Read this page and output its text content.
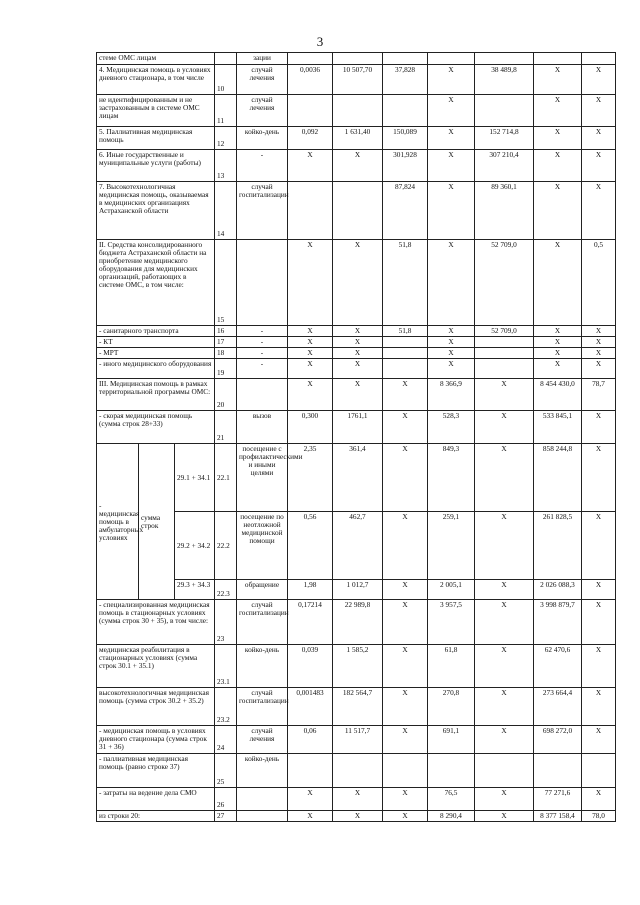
3
стеме ОМС лицам				зации							
4. Медицинская помощь в условиях дневного стационара, в том числе			10	случай лечения	0,0036	10 507,70	37,828	X	38 489,8	X	X
не идентифицированным и не застрахованным в системе ОМС лицам			11	случай лечения				X		X	X
5. Паллиативная медицинская помощь			12	койко-день	0,092	1 631,40	150,089	X	152 714,8	X	X
6. Иные государственные и муниципальные услуги (работы)			13	-	X	X	301,928	X	307 210,4	X	X
7. Высокотехнологичная медицинская помощь, оказываемая в медицинских организациях Астраханской области			14	случай госпитализации			87,824	X	89 360,1	X	X
II. Средства консолидированного бюджета Астраханской области на приобретение медицинского оборудования для медицинских организаций, работающих в системе ОМС, в том числе:			15		X	X	51,8	X	52 709,0	X	0,5
- санитарного транспорта			16	-	X	X	51,8	X	52 709,0	X	X
- КТ			17	-	X	X		X		X	X
- МРТ			18	-	X	X		X		X	X
- иного медицинского оборудования			19	-	X	X		X		X	X
III. Медицинская помощь в рамках территориальной программы ОМС:			20		X	X	X	8 366,9	X	8 454 430,0	78,7
- скорая медицинская помощь (сумма строк 28+33)			21	вызов	0,300	1761,1	X	528,3	X	533 845,1	X
- медицинская помощь в амбулаторных условиях	сумма строк	29.1 + 34.1	22.1	посещение с профилактическими и иными целями	2,35	361,4	X	849,3	X	858 244,8	X
		29.2 + 34.2	22.2	посещение по неотложной медицинской помощи	0,56	462,7	X	259,1	X	261 828,5	X
		29.3 + 34.3	22.3	обращение	1,98	1 012,7	X	2 005,1	X	2 026 088,3	X
- специализированная медицинская помощь в стационарных условиях (сумма строк 30 + 35), в том числе:			23	случай госпитализации	0,17214	22 989,8	X	3 957,5	X	3 998 879,7	X
медицинская реабилитация в стационарных условиях (сумма строк 30.1 + 35.1)			23.1	койко-день	0,039	1 585,2	X	61,8	X	62 470,6	X
высокотехнологичная медицинская помощь (сумма строк 30.2 + 35.2)			23.2	случай госпитализации	0,001483	182 564,7	X	270,8	X	273 664,4	X
- медицинская помощь в условиях дневного стационара (сумма строк 31 + 36)			24	случай лечения	0,06	11 517,7	X	691,1	X	698 272,0	X
- паллиативная медицинская помощь (равно строке 37)			25	койко-день							
- затраты на ведение дела СМО			26		X	X	X	76,5	X	77 271,6	X
из строки 20:			27		X	X	X	8 290,4	X	8 377 158,4	78,0
